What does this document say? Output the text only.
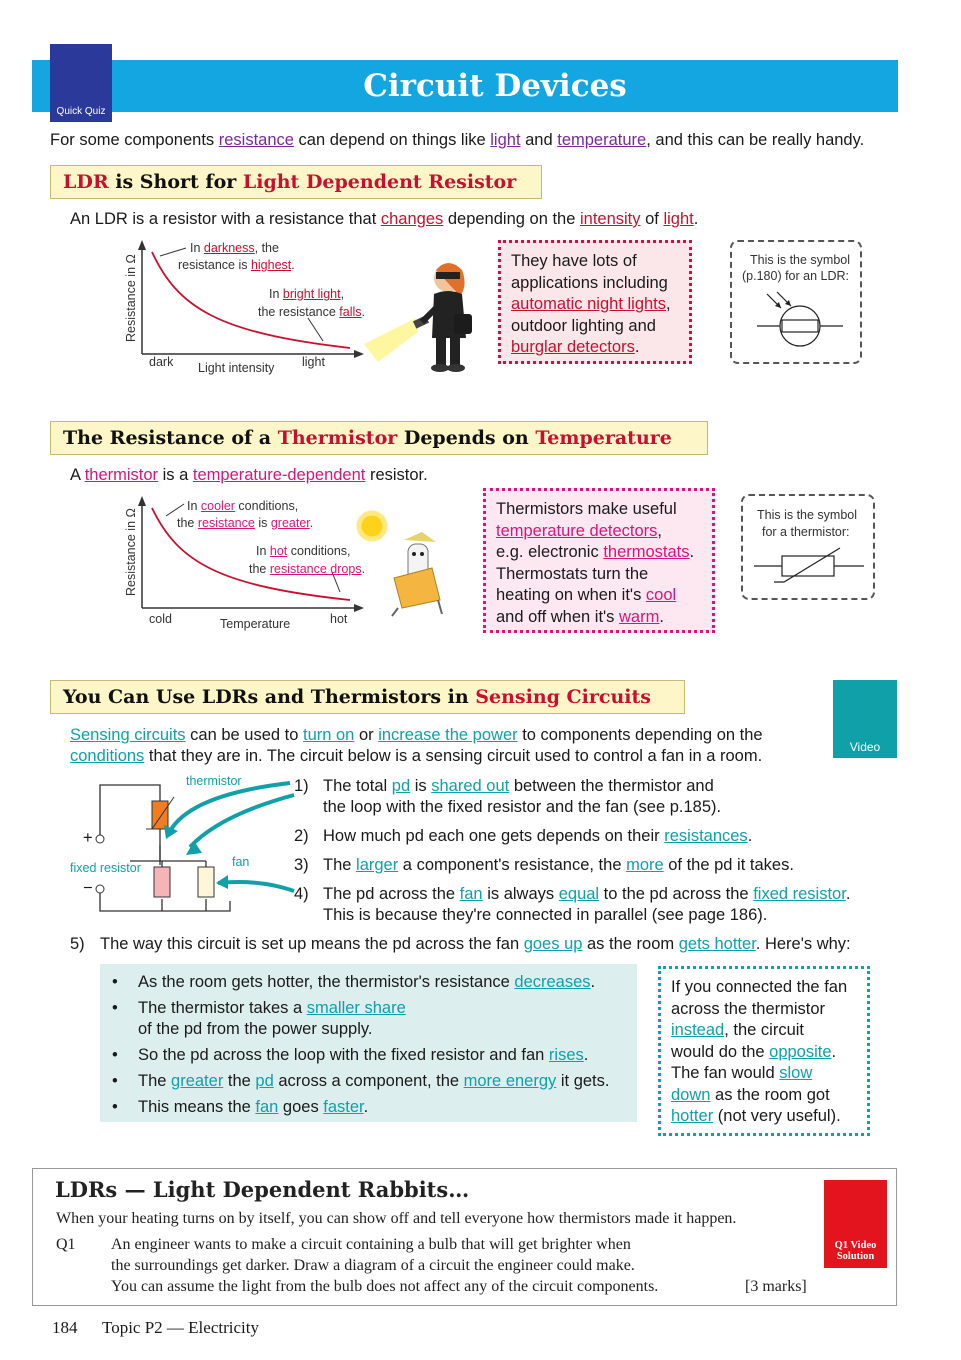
Circuit Devices
Quick Quiz
For some components resistance can depend on things like light and temperature, and this can be really handy.
LDR is Short for Light Dependent Resistor
An LDR is a resistor with a resistance that changes depending on the intensity of light.
Resistance in Ω
dark Light intensity light
In darkness, the
resistance is highest.
In bright light,
the resistance falls.
They have lots of
applications including
automatic night lights,
outdoor lighting and
burglar detectors.
This is the symbol
(p.180) for an LDR:
The Resistance of a Thermistor Depends on Temperature
A thermistor is a temperature-dependent resistor.
Resistance in Ω
cold	Temperature	hot
In cooler conditions,
the resistance is greater.
In hot conditions,
the resistance drops.
Thermistors make useful
temperature detectors,
e.g. electronic thermostats.
Thermostats turn the
heating on when it's cool
and off when it's warm.
This is the symbol
for a thermistor:
You Can Use LDRs and Thermistors in Sensing Circuits
Video
Sensing circuits can be used to turn on or increase the power to components depending on the
conditions that they are in. The circuit below is a sensing circuit used to control a fan in a room.
thermistor
fixed resistor	fan
+
−
1) The total pd is shared out between the thermistor and
the loop with the fixed resistor and the fan (see p.185).
2) How much pd each one gets depends on their resistances.
3) The larger a component's resistance, the more of the pd it takes.
4) The pd across the fan is always equal to the pd across the fixed resistor.
This is because they're connected in parallel (see page 186).
5) The way this circuit is set up means the pd across the fan goes up as the room gets hotter. Here's why:
• As the room gets hotter, the thermistor's resistance decreases.
• The thermistor takes a smaller share
of the pd from the power supply.
• So the pd across the loop with the fixed resistor and fan rises.
• The greater the pd across a component, the more energy it gets.
• This means the fan goes faster.
If you connected the fan
across the thermistor
instead, the circuit
would do the opposite.
The fan would slow
down as the room got
hotter (not very useful).
LDRs — Light Dependent Rabbits…
When your heating turns on by itself, you can show off and tell everyone how thermistors made it happen.
Q1 An engineer wants to make a circuit containing a bulb that will get brighter when
the surroundings get darker. Draw a diagram of a circuit the engineer could make.
You can assume the light from the bulb does not affect any of the circuit components.	[3 marks]
Q1 Video
Solution
184 Topic P2 — Electricity
